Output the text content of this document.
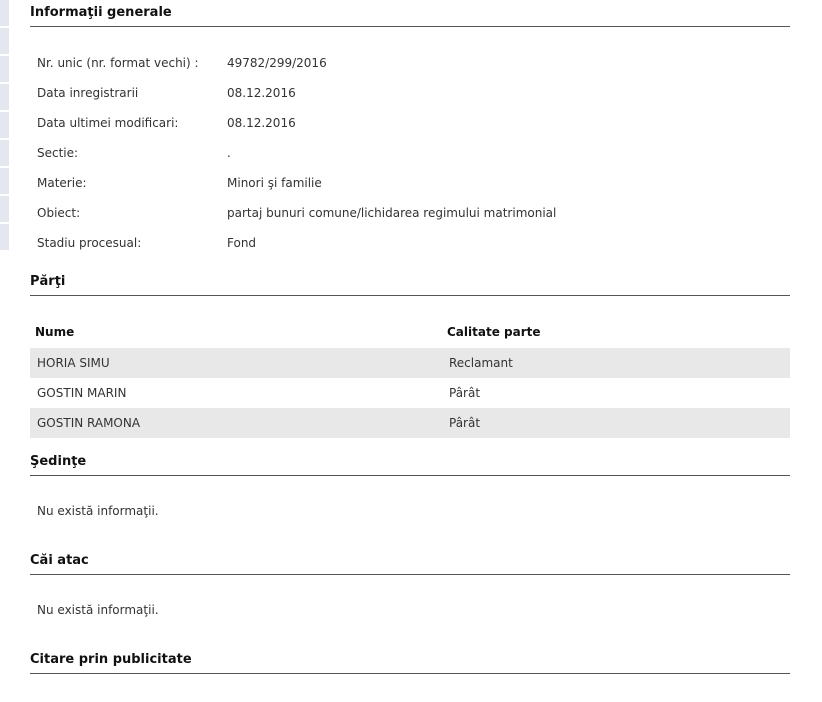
Informaţii generale
Nr. unic (nr. format vechi) : 49782/299/2016
Data inregistrarii	08.12.2016
Data ultimei modificari:	08.12.2016
Sectie:	.
Materie:	Minori şi familie
Obiect:	partaj bunuri comune/lichidarea regimului matrimonial
Stadiu procesual:	Fond
Părţi
Nume	Calitate parte
HORIA SIMU	Reclamant
GOSTIN MARIN	Pârât
GOSTIN RAMONA	Pârât
Şedinţe
Nu există informaţii.
Căi atac
Nu există informaţii.
Citare prin publicitate
